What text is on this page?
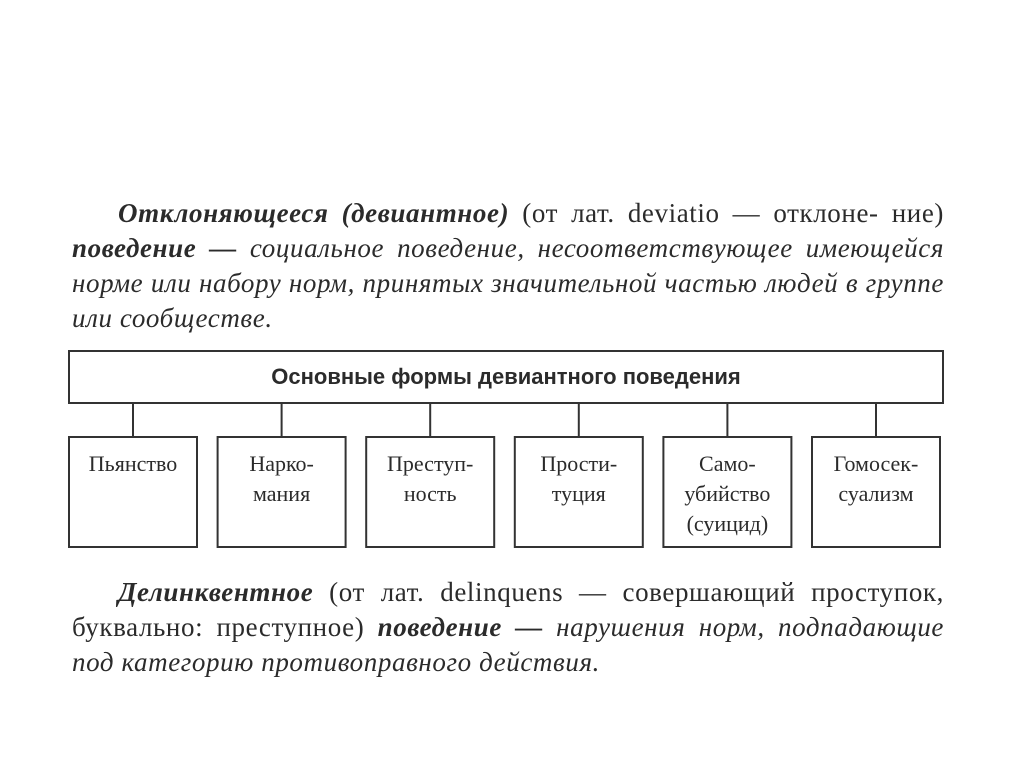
Отклоняющееся (девиантное) (от лат. deviatio — отклоне- ние) поведение — социальное поведение, несоответствующее имеющейся норме или набору норм, принятых значительной частью людей в группе или сообществе.

Основные формы девиантного поведения
Пьянство	Нарко-
мания
Преступ-
ность
Прости-
туция
Само-
убийство
(суицид)
Гомосек-
суализм

Делинквентное (от лат. delinquens — совершающий проступок, буквально: преступное) поведение — нарушения норм, подпадающие под категорию противоправного действия.
